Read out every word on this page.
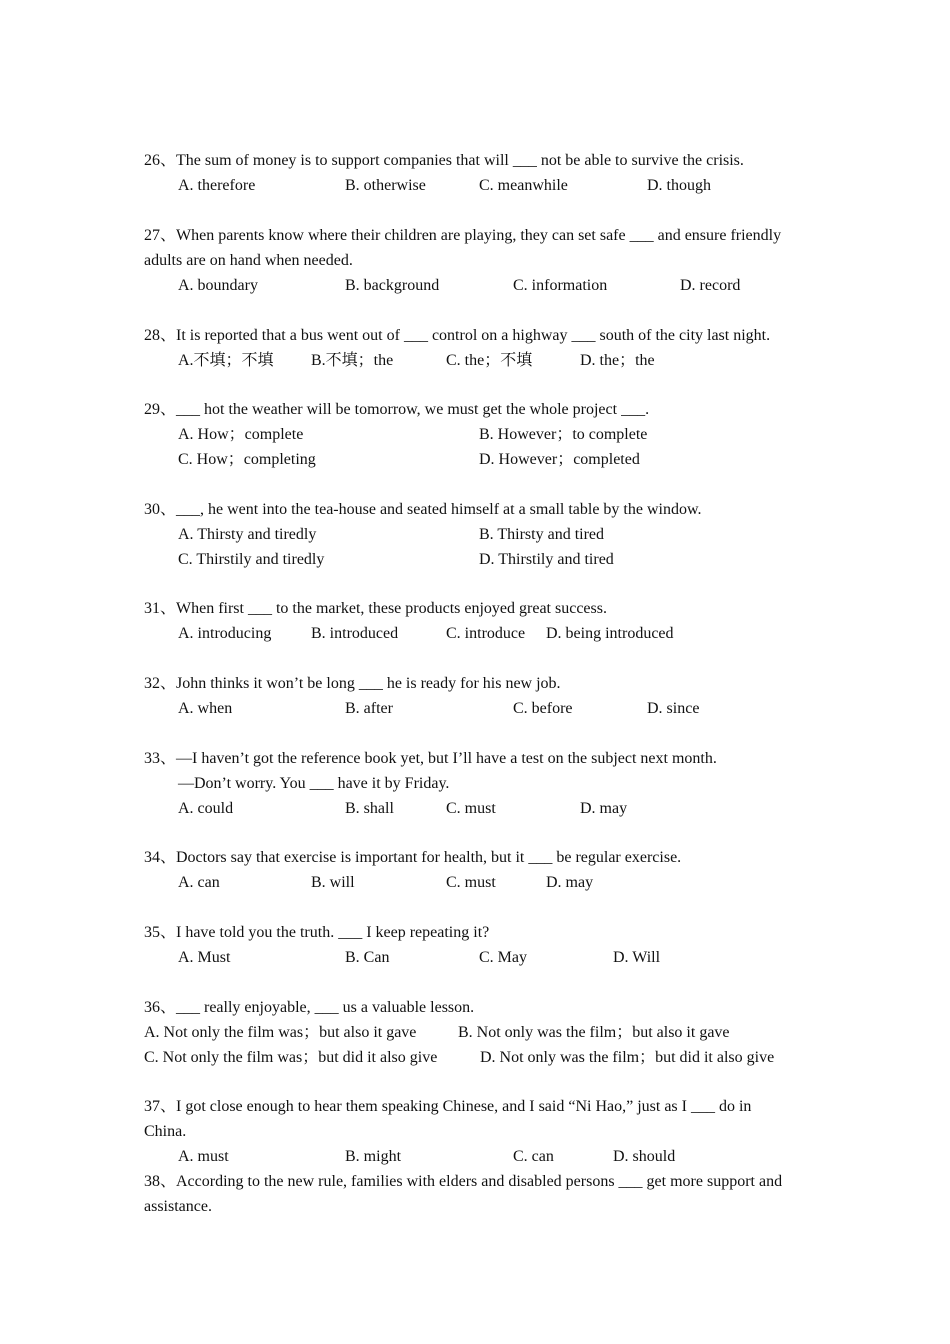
26、The sum of money is to support companies that will ___ not be able to survive the crisis.
A. therefore	B. otherwise	C. meanwhile	D. though
27、When parents know where their children are playing, they can set safe ___ and ensure friendly
adults are on hand when needed.
A. boundary	B. background	C. information	D. record
28、It is reported that a bus went out of ___ control on a highway ___ south of the city last night.
A.不填；不填 B.不填；the	C. the；不填	D. the；the
29、___ hot the weather will be tomorrow, we must get the whole project ___.
A. How；complete	B. However；to complete
C. How；completing	D. However；completed
30、___, he went into the tea-house and seated himself at a small table by the window.
A. Thirsty and tiredly	B. Thirsty and tired
C. Thirstily and tiredly	D. Thirstily and tired
31、When first ___ to the market, these products enjoyed great success.
A. introducing B. introduced	C. introduce D. being introduced
32、John thinks it won’t be long ___ he is ready for his new job.
A. when	B. after	C. before	D. since
33、—I haven’t got the reference book yet, but I’ll have a test on the subject next month.
—Don’t worry. You ___ have it by Friday.
A. could	B. shall	C. must	D. may
34、Doctors say that exercise is important for health, but it ___ be regular exercise.
A. can	B. will	C. must	D. may
35、I have told you the truth. ___ I keep repeating it?
A. Must	B. Can	C. May	D. Will
36、___ really enjoyable, ___ us a valuable lesson.
A. Not only the film was；but also it gave	B. Not only was the film；but also it gave
C. Not only the film was；but did it also give	D. Not only was the film；but did it also give
37、I got close enough to hear them speaking Chinese, and I said “Ni Hao,” just as I ___ do in
China.
A. must	B. might	C. can	D. should
38、According to the new rule, families with elders and disabled persons ___ get more support and
assistance.
